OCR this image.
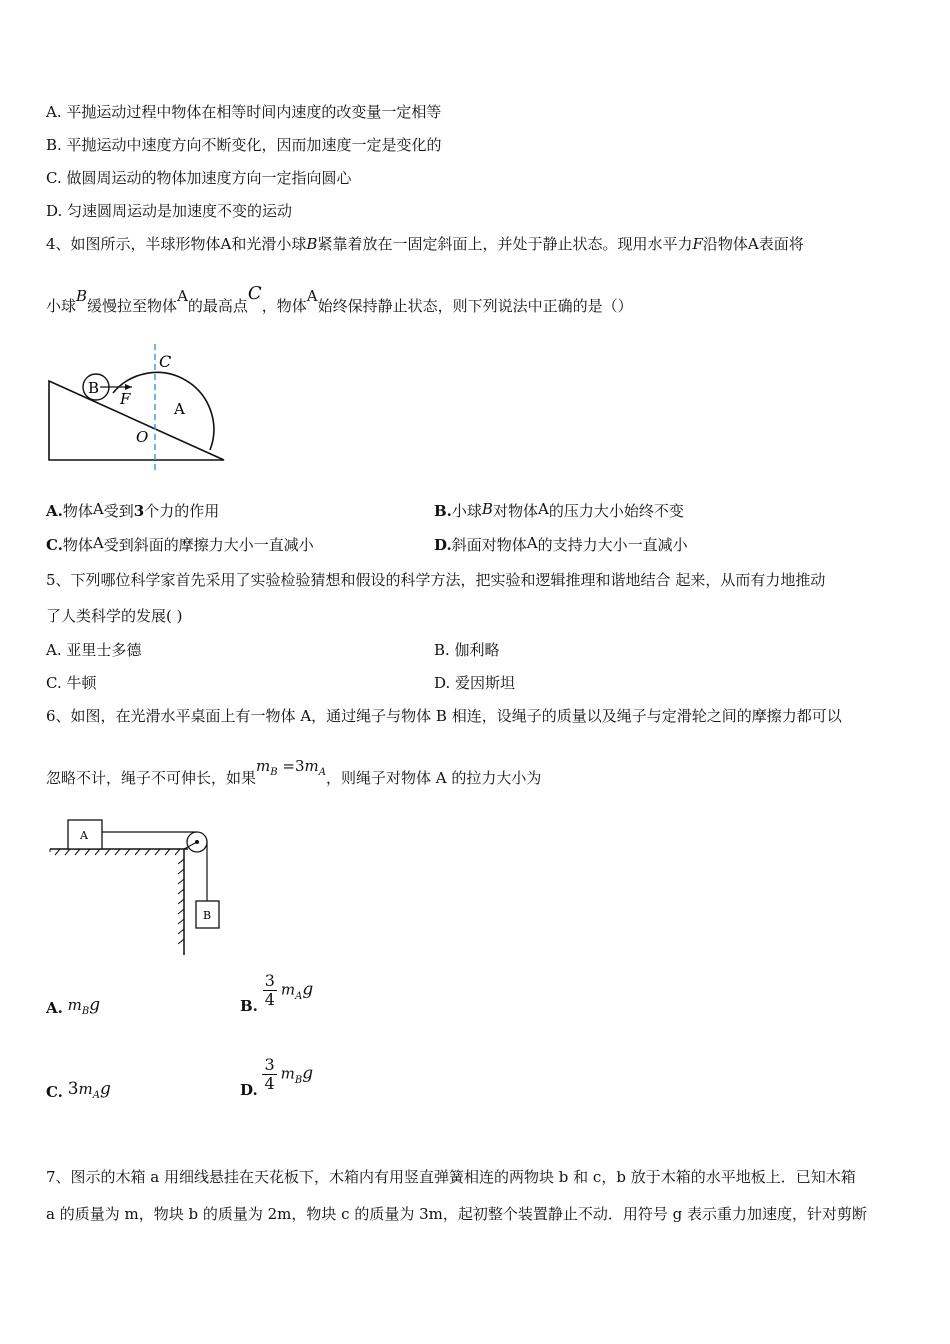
A. 平抛运动过程中物体在相等时间内速度的改变量一定相等
B. 平抛运动中速度方向不断变化，因而加速度一定是变化的
C. 做圆周运动的物体加速度方向一定指向圆心
D. 匀速圆周运动是加速度不变的运动
4、如图所示，半球形物体A和光滑小球B紧靠着放在一固定斜面上，并处于静止状态。现用水平力F沿物体A表面将
小球B缓慢拉至物体A的最高点C，物体A始终保持静止状态，则下列说法中正确的是（）
B
F
A
C
O
A.物体A受到3个力的作用	B.小球B对物体A的压力大小始终不变
C.物体A受到斜面的摩擦力大小一直减小	D.斜面对物体A的支持力大小一直减小
5、下列哪位科学家首先采用了实验检验猜想和假设的科学方法，把实验和逻辑推理和谐地结合 起来，从而有力地推动
了人类科学的发展( )
A. 亚里士多德	B. 伽利略
C. 牛顿	D. 爱因斯坦
6、如图，在光滑水平桌面上有一物体 A，通过绳子与物体 B 相连，设绳子的质量以及绳子与定滑轮之间的摩擦力都可以
忽略不计，绳子不可伸长，如果$m_B =3m_A$，则绳子对物体 A 的拉力大小为
A
B
A. $m_Bg$	B. $\frac{3}{4} m_Ag$
C. $3m_Ag$	D. $\frac{3}{4} m_Bg$
7、图示的木箱 a 用细线悬挂在天花板下，木箱内有用竖直弹簧相连的两物块 b 和 c，b 放于木箱的水平地板上．已知木箱
a 的质量为 m，物块 b 的质量为 2m，物块 c 的质量为 3m，起初整个装置静止不动．用符号 g 表示重力加速度，针对剪断
